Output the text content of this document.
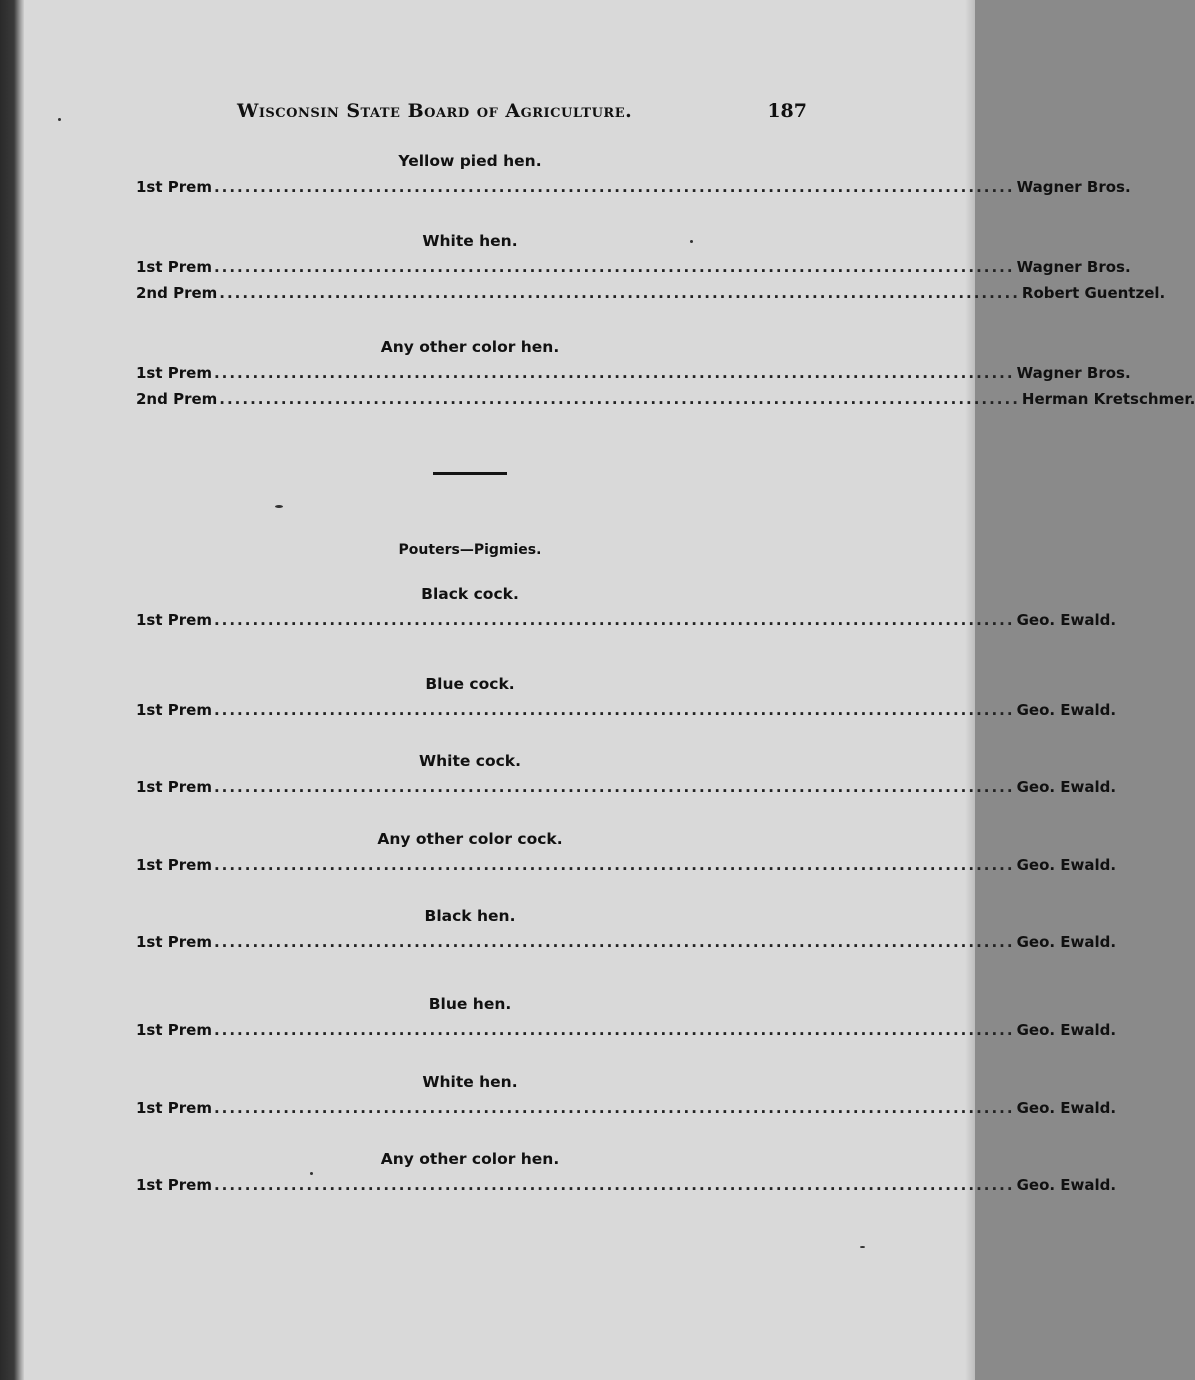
Wisconsin State Board of Agriculture.	187
Yellow pied hen.
1st Prem ........................................................................................................ Wagner Bros.
White hen.
1st Prem ........................................................................................................ Wagner Bros.
2nd Prem ........................................................................................................ Robert Guentzel.
Any other color hen.
1st Prem ........................................................................................................ Wagner Bros.
2nd Prem ........................................................................................................ Herman Kretschmer.
Pouters—Pigmies.
Black cock.
1st Prem ........................................................................................................ Geo. Ewald.
Blue cock.
1st Prem ........................................................................................................ Geo. Ewald.
White cock.
1st Prem ........................................................................................................ Geo. Ewald.
Any other color cock.
1st Prem ........................................................................................................ Geo. Ewald.
Black hen.
1st Prem ........................................................................................................ Geo. Ewald.
Blue hen.
1st Prem ........................................................................................................ Geo. Ewald.
White hen.
1st Prem ........................................................................................................ Geo. Ewald.
Any other color hen.
1st Prem ........................................................................................................ Geo. Ewald.
